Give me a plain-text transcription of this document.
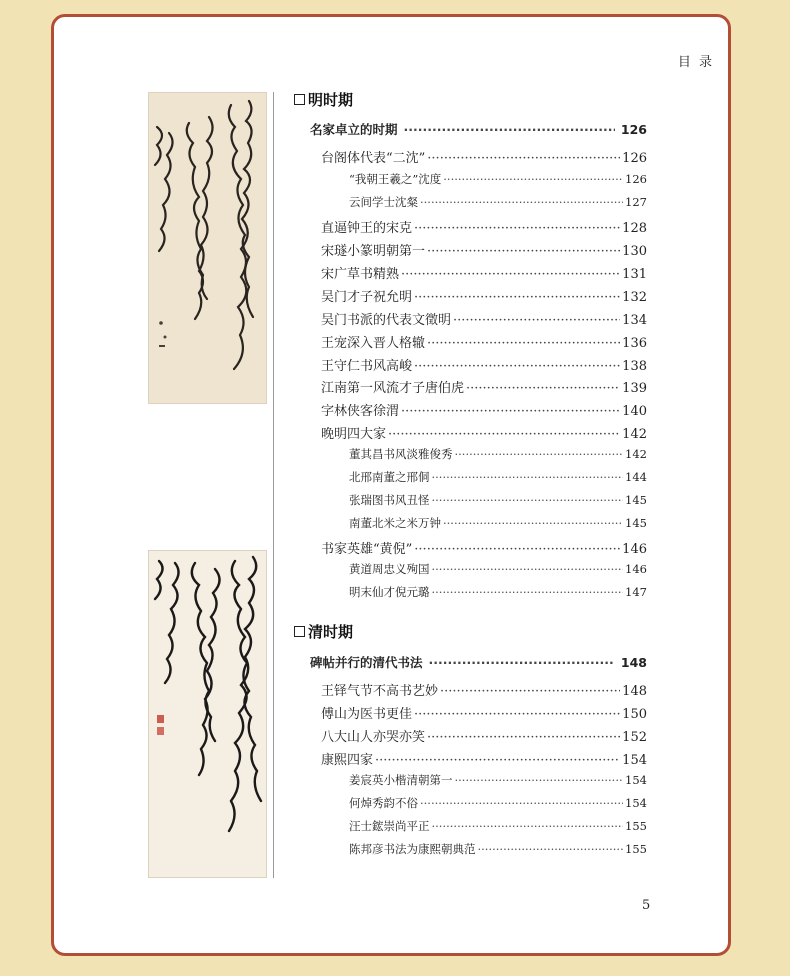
目 录
明时期
名家卓立的时期 ·····	126
台阁体代表“二沈” ·····	126
“我朝王羲之”沈度 ·····	126
云间学士沈粲 ·····	127
直逼钟王的宋克 ·····	128
宋璲小篆明朝第一 ·····	130
宋广草书精熟 ·····	131
吴门才子祝允明 ·····	132
吴门书派的代表文徵明 ·····	134
王宠深入晋人格辙 ·····	136
王守仁书风高峻 ·····	138
江南第一风流才子唐伯虎 ·····	139
字林侠客徐渭 ·····	140
晚明四大家 ·····	142
董其昌书风淡雅俊秀 ·····	142
北邢南董之邢侗 ·····	144
张瑞图书风丑怪 ·····	145
南董北米之米万钟 ·····	145
书家英雄“黄倪” ·····	146
黄道周忠义殉国 ·····	146
明末仙才倪元璐 ·····	147
清时期
碑帖并行的清代书法 ·····	148
王铎气节不高书艺妙 ·····	148
傅山为医书更佳 ·····	150
八大山人亦哭亦笑 ·····	152
康熙四家 ·····	154
姜宸英小楷清朝第一 ·····	154
何焯秀韵不俗 ·····	154
汪士鋐崇尚平正 ·····	155
陈邦彦书法为康熙朝典范 ·····	155
5
